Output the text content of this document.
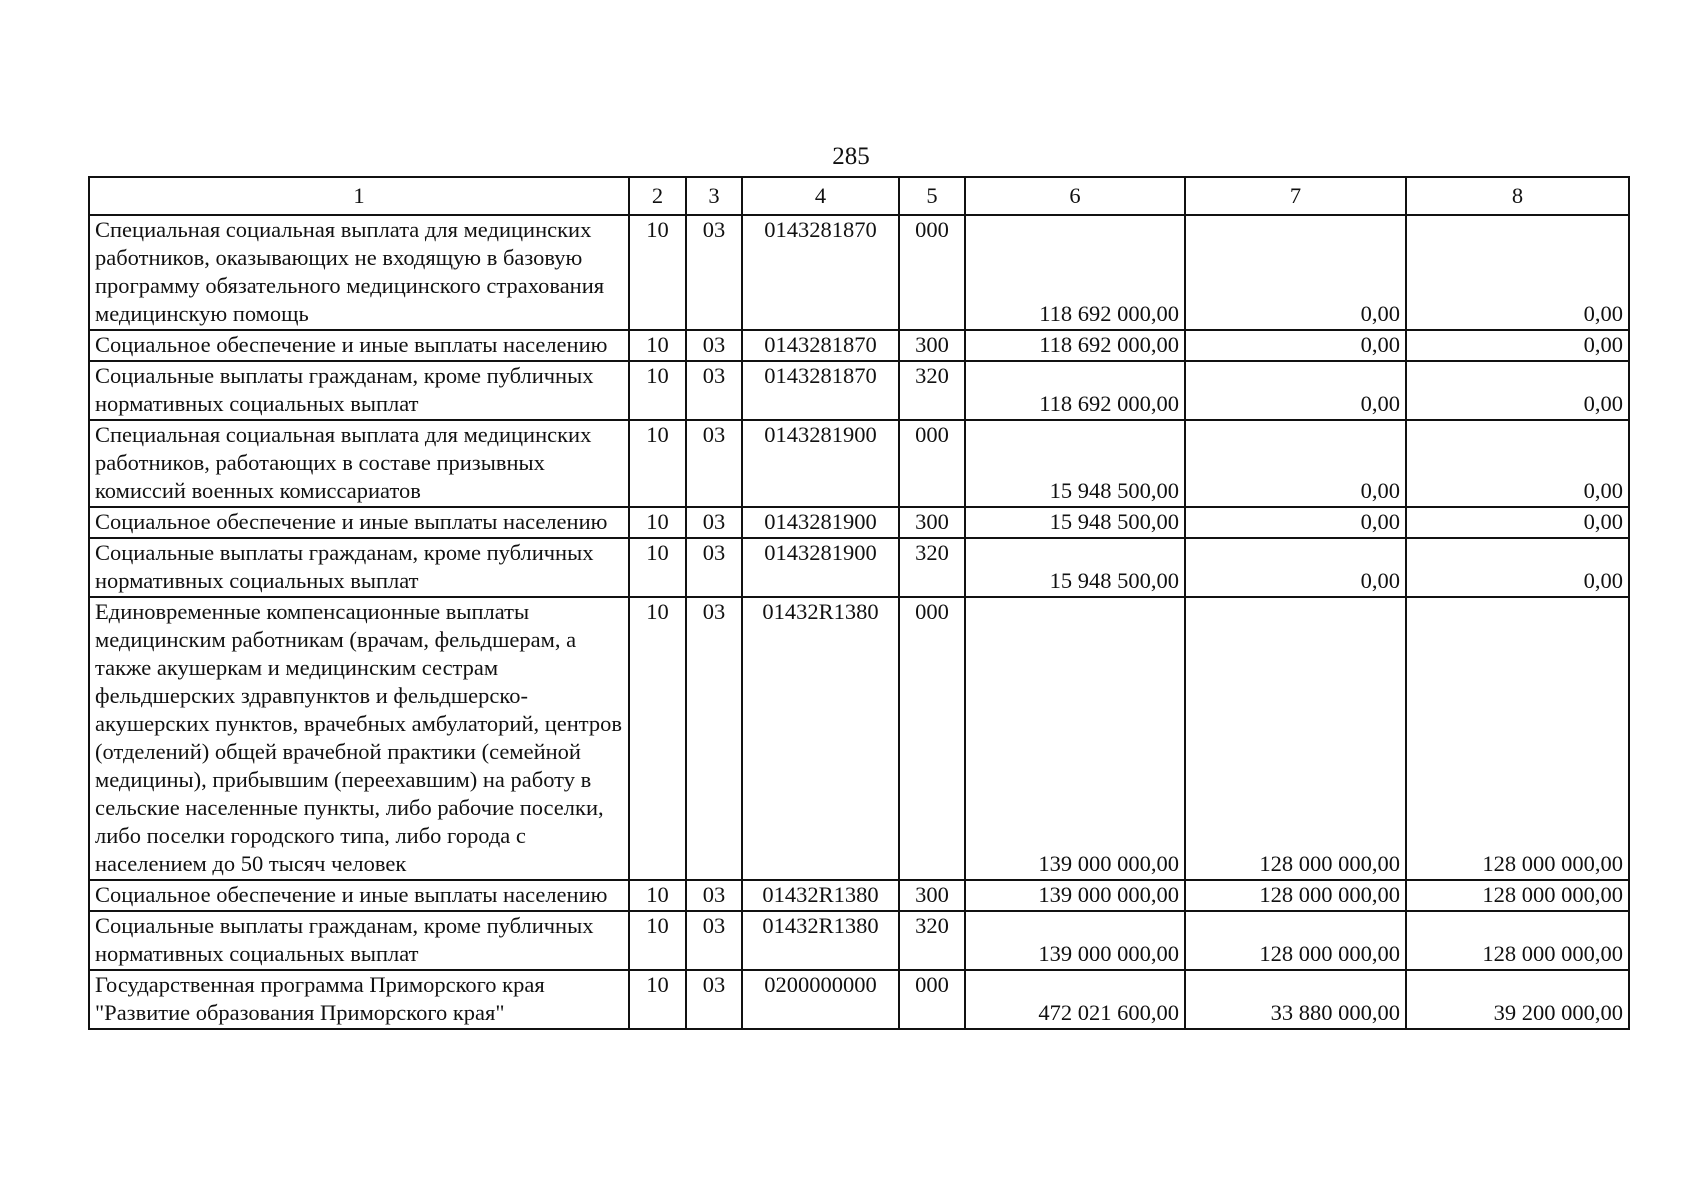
285
1	2	3	4	5	6	7	8
Специальная социальная выплата для медицинских работников, оказывающих не входящую в базовую программу обязательного медицинского страхования медицинскую помощь	10	03	0143281870	000	118 692 000,00	0,00	0,00
Социальное обеспечение и иные выплаты населению	10	03	0143281870	300	118 692 000,00	0,00	0,00
Социальные выплаты гражданам, кроме публичных нормативных социальных выплат	10	03	0143281870	320	118 692 000,00	0,00	0,00
Специальная социальная выплата для медицинских работников, работающих в составе призывных комиссий военных комиссариатов	10	03	0143281900	000	15 948 500,00	0,00	0,00
Социальное обеспечение и иные выплаты населению	10	03	0143281900	300	15 948 500,00	0,00	0,00
Социальные выплаты гражданам, кроме публичных нормативных социальных выплат	10	03	0143281900	320	15 948 500,00	0,00	0,00
Единовременные компенсационные выплаты медицинским работникам (врачам, фельдшерам, а также акушеркам и медицинским сестрам фельдшерских здравпунктов и фельдшерско-акушерских пунктов, врачебных амбулаторий, центров (отделений) общей врачебной практики (семейной медицины), прибывшим (переехавшим) на работу в сельские населенные пункты, либо рабочие поселки, либо поселки городского типа, либо города с населением до 50 тысяч человек	10	03	01432R1380	000	139 000 000,00	128 000 000,00	128 000 000,00
Социальное обеспечение и иные выплаты населению	10	03	01432R1380	300	139 000 000,00	128 000 000,00	128 000 000,00
Социальные выплаты гражданам, кроме публичных нормативных социальных выплат	10	03	01432R1380	320	139 000 000,00	128 000 000,00	128 000 000,00
Государственная программа Приморского края "Развитие образования Приморского края"	10	03	0200000000	000	472 021 600,00	33 880 000,00	39 200 000,00
